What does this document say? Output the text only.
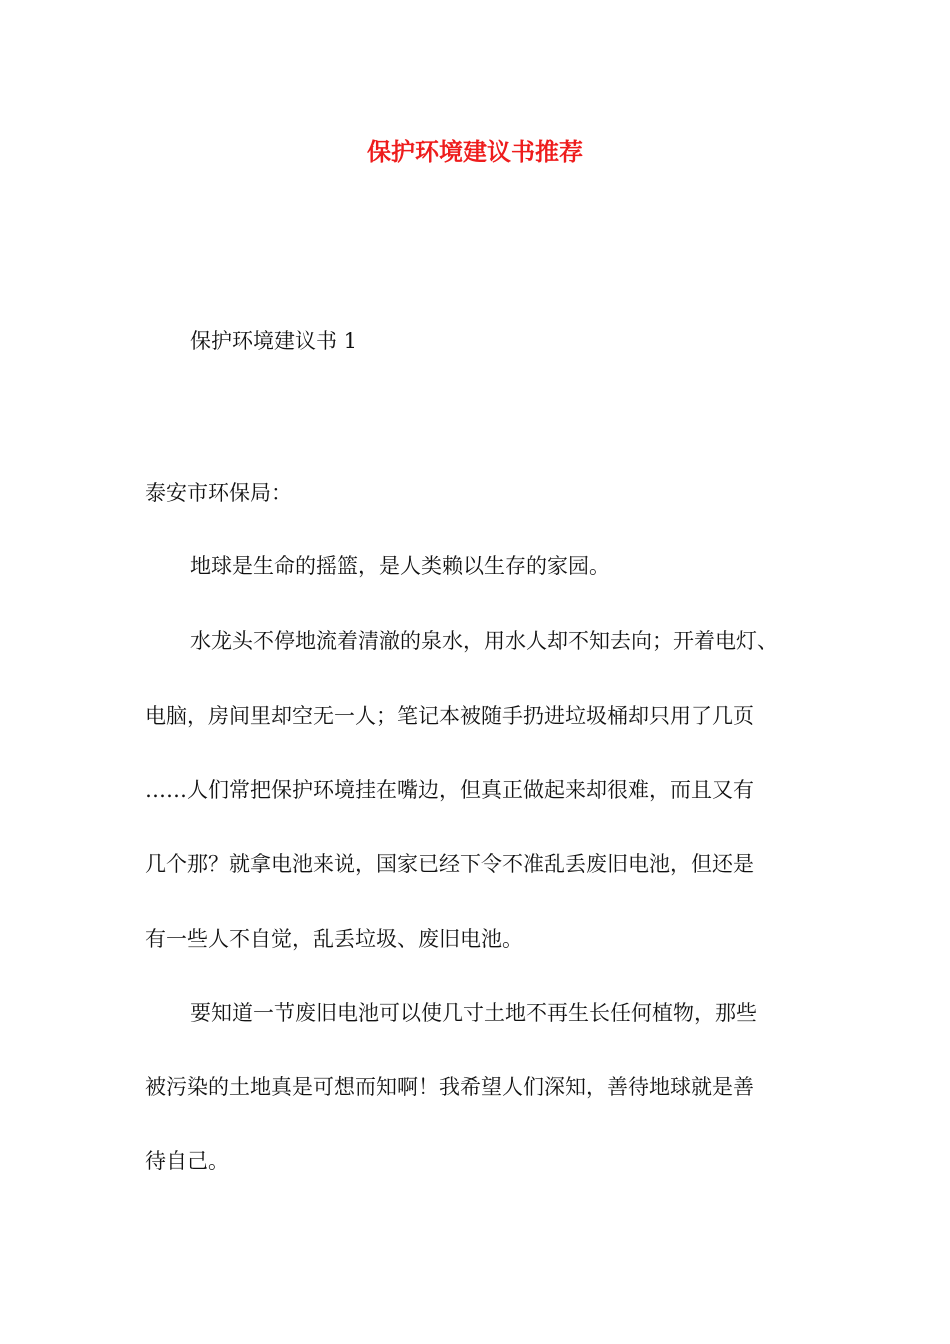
保护环境建议书推荐
保护环境建议书 1
泰安市环保局：
地球是生命的摇篮，是人类赖以生存的家园。
水龙头不停地流着清澈的泉水，用水人却不知去向；开着电灯、
电脑，房间里却空无一人；笔记本被随手扔进垃圾桶却只用了几页
……人们常把保护环境挂在嘴边，但真正做起来却很难，而且又有
几个那？就拿电池来说，国家已经下令不准乱丢废旧电池，但还是
有一些人不自觉，乱丢垃圾、废旧电池。
要知道一节废旧电池可以使几寸土地不再生长任何植物，那些
被污染的土地真是可想而知啊！我希望人们深知，善待地球就是善
待自己。
